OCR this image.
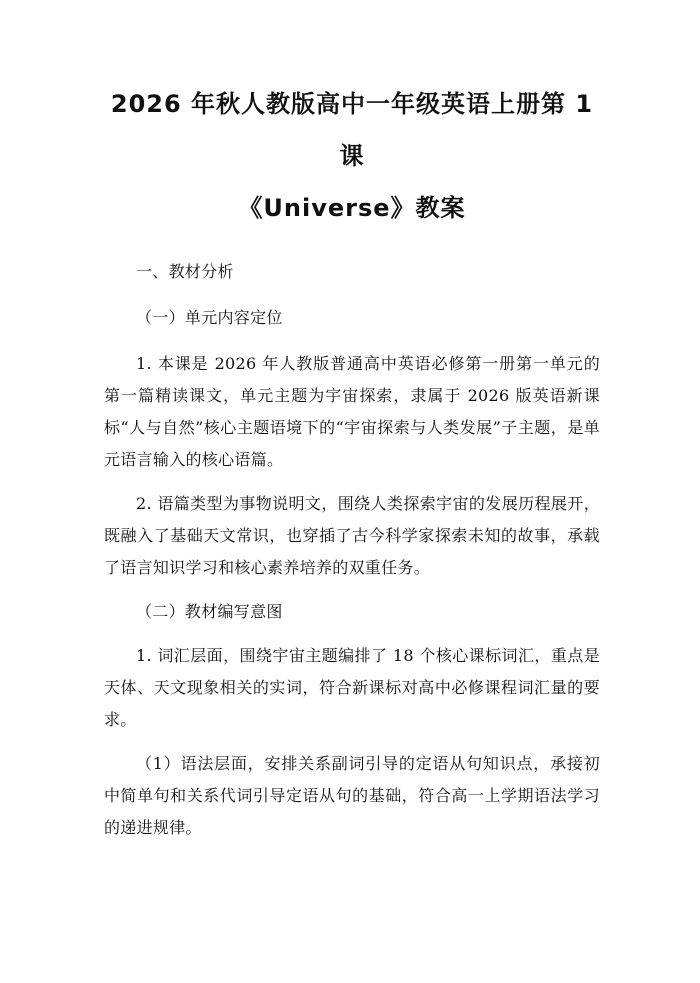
2026 年秋人教版高中一年级英语上册第 1 课
《Universe》教案

一、教材分析

（一）单元内容定位

1. 本课是 2026 年人教版普通高中英语必修第一册第一单元的第一篇精读课文，单元主题为宇宙探索，隶属于 2026 版英语新课标“人与自然”核心主题语境下的“宇宙探索与人类发展”子主题，是单元语言输入的核心语篇。

2. 语篇类型为事物说明文，围绕人类探索宇宙的发展历程展开，既融入了基础天文常识，也穿插了古今科学家探索未知的故事，承载了语言知识学习和核心素养培养的双重任务。

（二）教材编写意图

1. 词汇层面，围绕宇宙主题编排了 18 个核心课标词汇，重点是天体、天文现象相关的实词，符合新课标对高中必修课程词汇量的要求。

（1）语法层面，安排关系副词引导的定语从句知识点，承接初中简单句和关系代词引导定语从句的基础，符合高一上学期语法学习的递进规律。
